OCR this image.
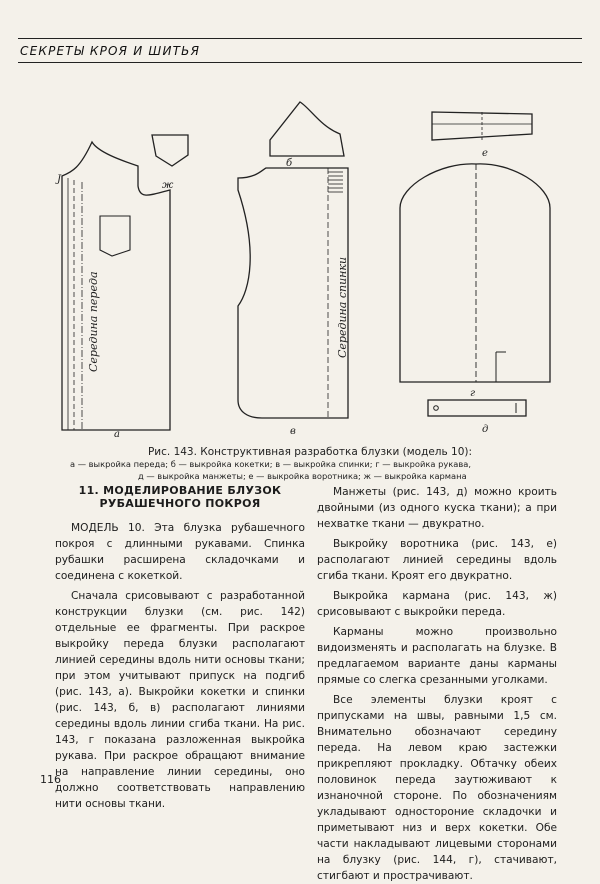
СЕКРЕТЫ КРОЯ И ШИТЬЯ
J
Середина переда
а
ж
б
Середина спинки
в
е
г
д
Рис. 143. Конструктивная разработка блузки (модель 10):
а — выкройка переда; б — выкройка кокетки; в — выкройка спинки; г — выкройка рукава,
д — выкройка манжеты; е — выкройка воротника; ж — выкройка кармана
11. МОДЕЛИРОВАНИЕ БЛУЗОК РУБАШЕЧНОГО ПОКРОЯ

МОДЕЛЬ 10. Эта блузка рубашечного покроя с длинными рукавами. Спинка рубашки расширена складочками и соединена с кокеткой.

Сначала срисовывают с разработанной конструкции блузки (см. рис. 142) отдельные ее фрагменты. При раскрое выкройку переда блузки располагают линией середины вдоль нити основы ткани; при этом учитывают припуск на подгиб (рис. 143, а). Выкройки кокетки и спинки (рис. 143, б, в) располагают линиями середины вдоль линии сгиба ткани. На рис. 143, г показана разложенная выкройка рукава. При раскрое обращают внимание на направление линии середины, оно должно соответствовать направлению нити основы ткани.

Манжеты (рис. 143, д) можно кроить двойными (из одного куска ткани); а при нехватке ткани — двукратно.

Выкройку воротника (рис. 143, е) располагают линией середины вдоль сгиба ткани. Кроят его двукратно.

Выкройка кармана (рис. 143, ж) срисовывают с выкройки переда.

Карманы можно произвольно видоизменять и располагать на блузке. В предлагаемом варианте даны карманы прямые со слегка срезанными уголками.

Все элементы блузки кроят с припусками на швы, равными 1,5 см. Внимательно обозначают середину переда. На левом краю застежки прикрепляют прокладку. Обтачку обеих половинок переда заутюживают к изнаночной стороне. По обозначениям укладывают одностороние складочки и приметывают низ и верх кокетки. Обе части накладывают лицевыми сторонами на блузку (рис. 144, г), стачивают, стигбают и прострачивают.

116
